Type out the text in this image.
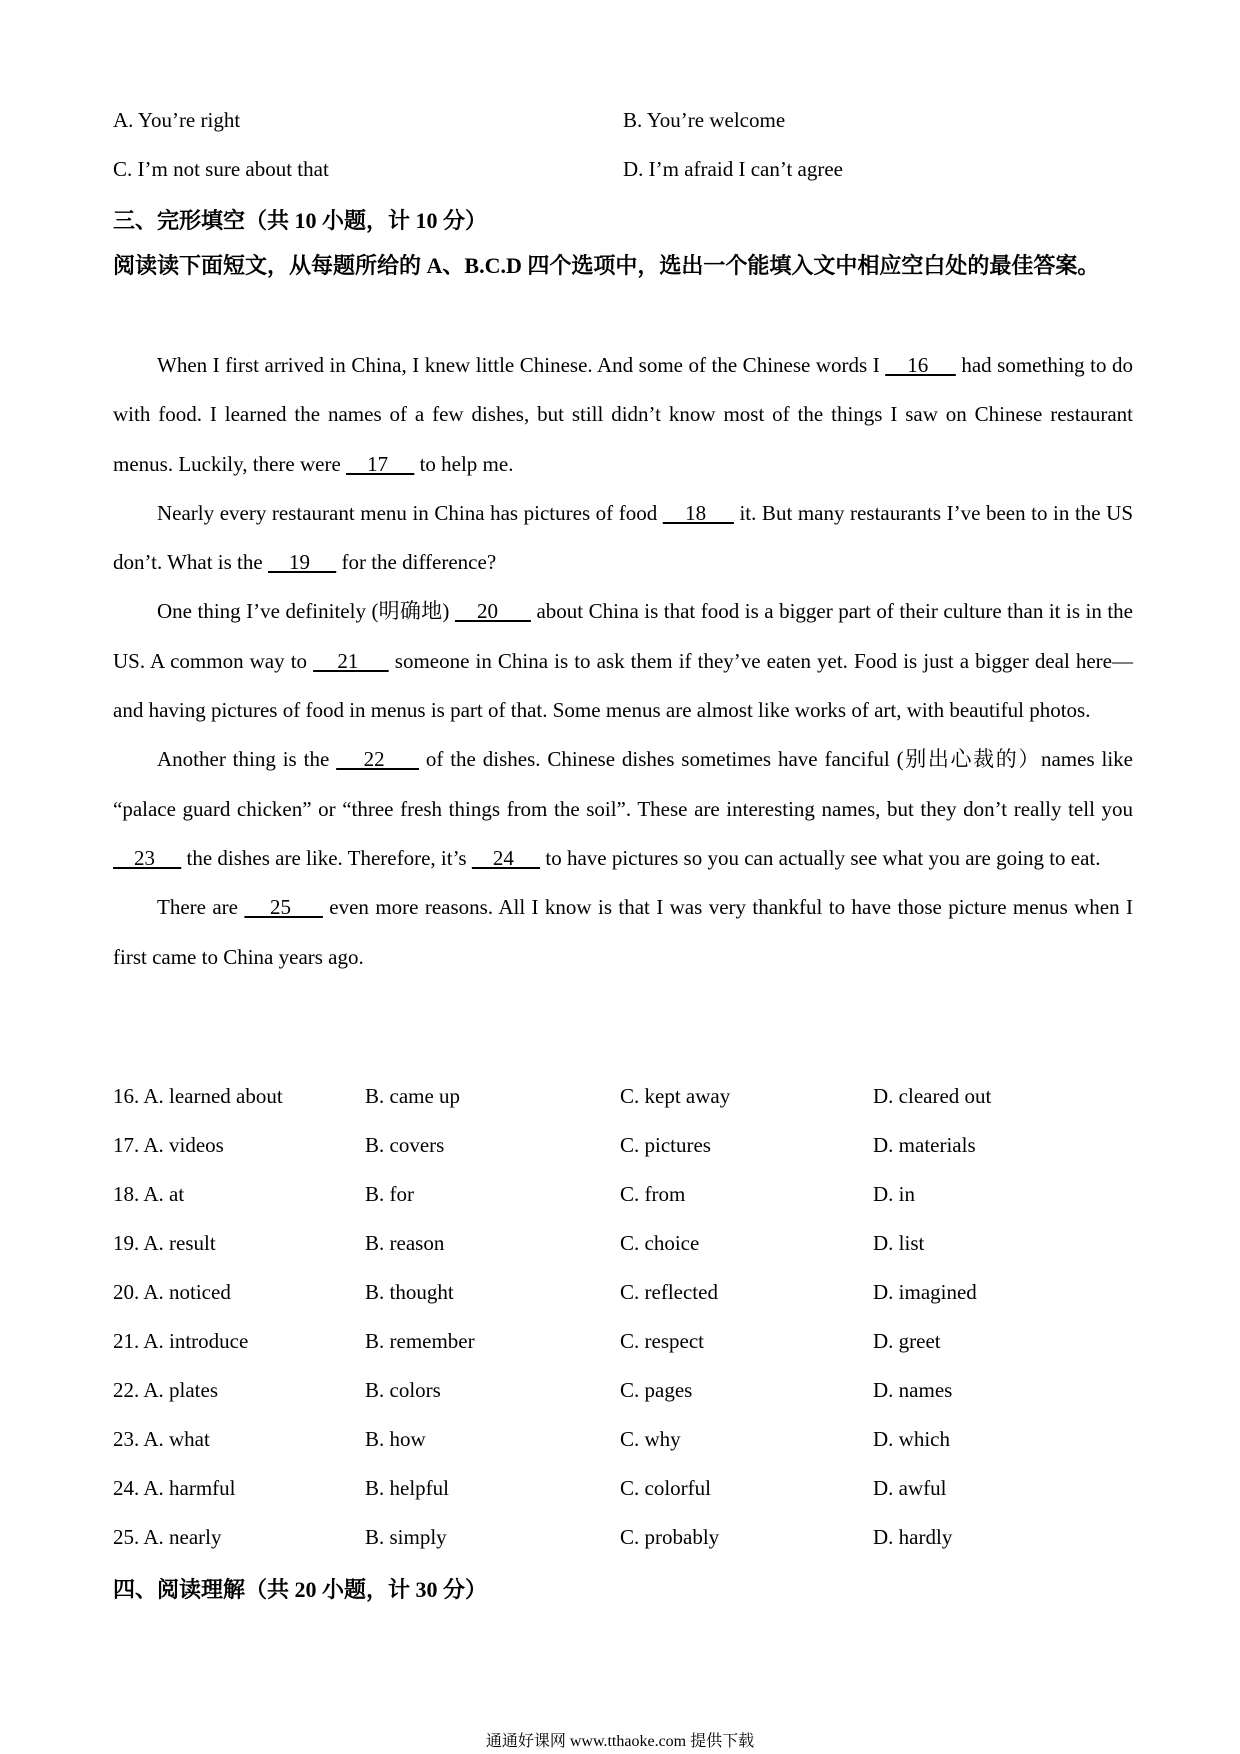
A. You’re right	B. You’re welcome
C. I’m not sure about that	D. I’m afraid I can’t agree
三、完形填空（共 10 小题，计 10 分）
阅读读下面短文，从每题所给的 A、B.C.D 四个选项中，选出一个能填入文中相应空白处的最佳答案。

When I first arrived in China, I knew little Chinese. And some of the Chinese words I     16      had something to do with food. I learned the names of a few dishes, but still didn’t know most of the things I saw on Chinese restaurant menus. Luckily, there were     17      to help me.

Nearly every restaurant menu in China has pictures of food     18      it. But many restaurants I’ve been to in the US don’t. What is the     19      for the difference?

One thing I’ve definitely (明确地)     20       about China is that food is a bigger part of their culture than it is in the US. A common way to     21      someone in China is to ask them if they’ve eaten yet. Food is just a bigger deal here—and having pictures of food in menus is part of that. Some menus are almost like works of art, with beautiful photos.

Another thing is the     22      of the dishes. Chinese dishes sometimes have fanciful (别出心裁的）names like “palace guard chicken” or “three fresh things from the soil”. These are interesting names, but they don’t really tell you     23      the dishes are like. Therefore, it’s     24      to have pictures so you can actually see what you are going to eat.

There are     25      even more reasons. All I know is that I was very thankful to have those picture menus when I first came to China years ago.

16. A. learned about	B. came up	C. kept away	D. cleared out
17. A. videos	B. covers	C. pictures	D. materials
18. A. at	B. for	C. from	D. in
19. A. result	B. reason	C. choice	D. list
20. A. noticed	B. thought	C. reflected	D. imagined
21. A. introduce	B. remember	C. respect	D. greet
22. A. plates	B. colors	C. pages	D. names
23. A. what	B. how	C. why	D. which
24. A. harmful	B. helpful	C. colorful	D. awful
25. A. nearly	B. simply	C. probably	D. hardly
四、阅读理解（共 20 小题，计 30 分）
通通好课网 www.tthaoke.com 提供下载
